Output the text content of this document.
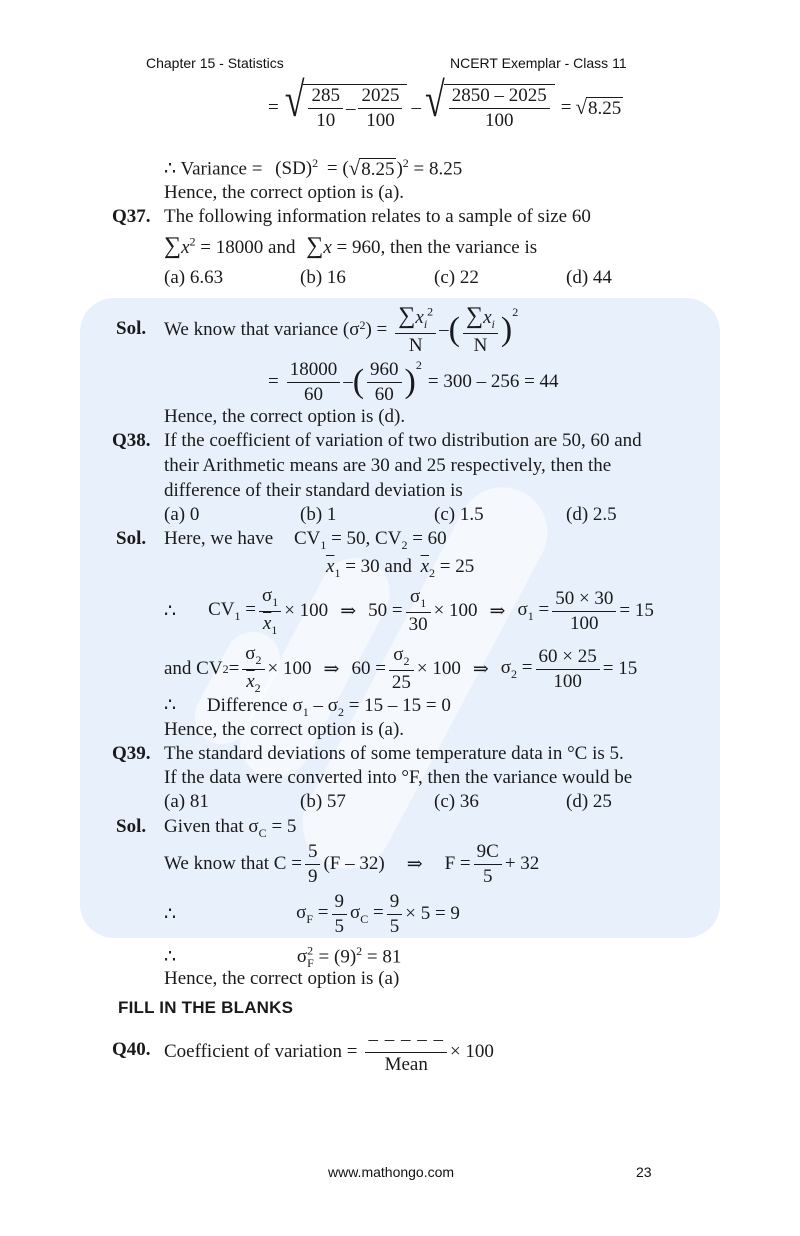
Chapter 15 - Statistics	NCERT Exemplar - Class 11
= √ $\frac{285}{10} - \frac{2025}{100}$ – √ $\frac{2850 - 2025}{100}$ = √ 8.25
∴ Variance = (SD)$^2$ = ( √ 8.25 )$^2$ = 8.25
Hence, the correct option is (a).
Q37. The following information relates to a sample of size 60
$\sum x^2 = 18000$ and ∑x = 960, then the variance is
(a) 6.63	(b) 16	(c) 22	(d) 44
Sol. We know that variance ($\sigma^2$ ) = $\frac{\sum x_i^2}{N}$ – ( $\frac{\sum x_i}{N} )^2$
= $\frac{18000}{60}$ – ( $\frac{960}{60} )^2$
= 300 – 256 = 44
Hence, the correct option is (d).
Q38. If the coefficient of variation of two distribution are 50, 60 and
their Arithmetic means are 30 and 25 respectively, then the
difference of their standard deviation is
(a) 0	(b) 1	(c) 1.5	(d) 2.5
Sol. Here, we have $CV_1 = 50$, $CV_2 = 60$
$\overline{x}_1 = 30$ and $\overline{x}_2 = 25$
∴ $CV_1 = \frac{\sigma_1}{\overline{x}_1} \times 100$ ⇒ $50 = \frac{\sigma_1}{30} \times 100$ ⇒ $\sigma_1 = \frac{50 \times 30}{100} = 15$
and CV $2 = \frac{\sigma_2}{\overline{x}_2} \times 100$ ⇒ $60 = \frac{\sigma_2}{25} \times 100$ ⇒ $\sigma_2 = \frac{60 \times 25}{100} = 15$
∴ Difference $\sigma_1 - \sigma_2 = 15 - 15 = 0$
Hence, the correct option is (a).
Q39. The standard deviations of some temperature data in °C is 5.
If the data were converted into °F, then the variance would be
(a) 81	(b) 57	(c) 36	(d) 25
Sol. Given that $\sigma_C = 5$
We know that $C = \frac{5}{9} (F - 32)$ ⇒ $F = \frac{9C}{5} + 32$
∴	$\sigma_F = \frac{9}{5} \sigma_C = \frac{9}{5} \times 5 = 9$
∴	$\sigma^2_F = (9)^2 = 81$
Hence, the correct option is (a)
FILL IN THE BLANKS
Q40. Coefficient of variation = $\frac{- - - - -}{\text{Mean}} \times 100$
www.mathongo.com	23
